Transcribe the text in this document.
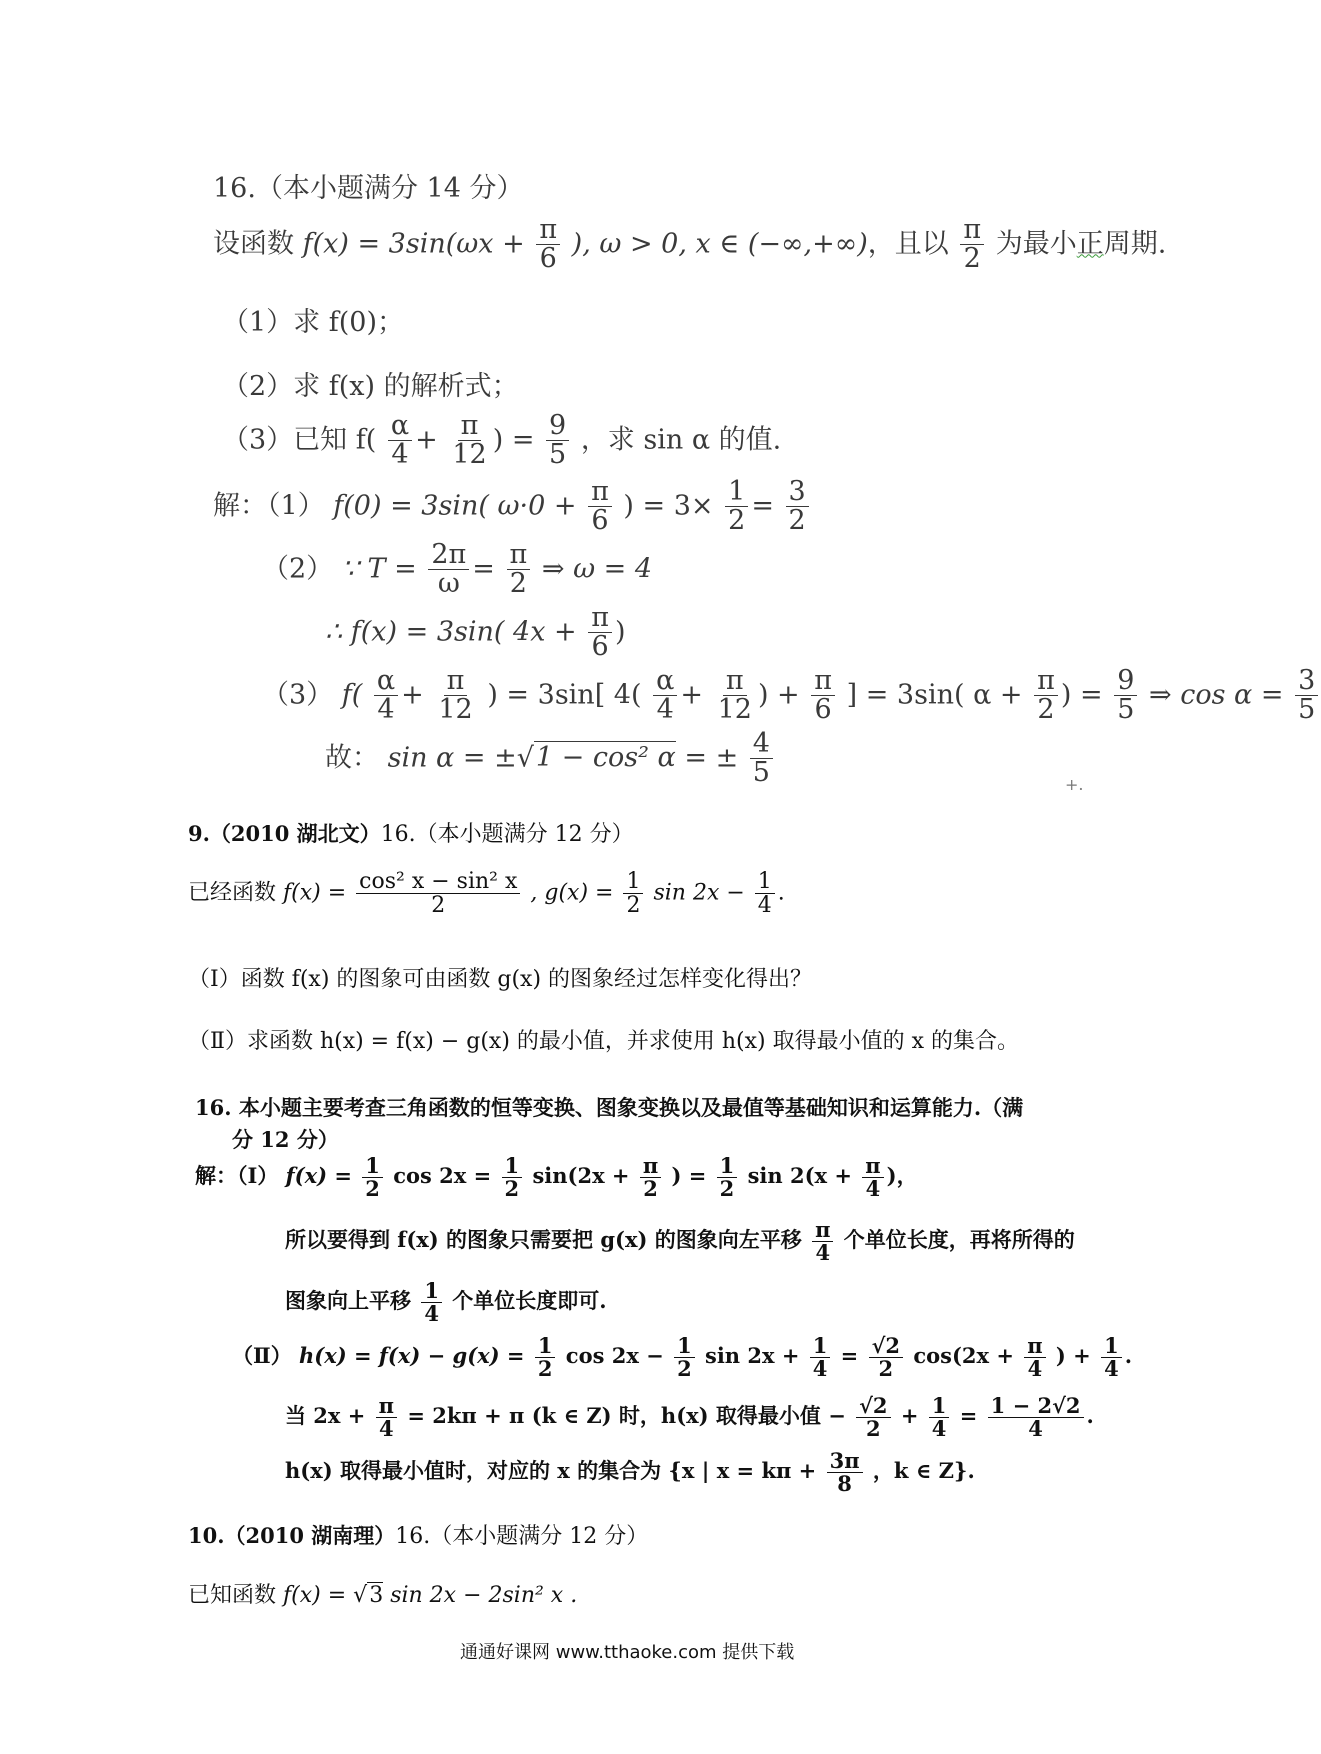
16.（本小题满分 14 分）
设函数 $f(x) = 3\sin(\omega x + \frac{\pi}{6}$ ), ω > 0, x ∈ (−∞,+∞)，且以 $\frac{\pi}{2}$ 为最小正周期.
（1）求 f(0)；
（2）求 f(x) 的解析式；
（3）已知 $f( \frac{\alpha}{4} + \frac{\pi}{12}$ ) = $\frac{9}{5}$ ，求 sin α 的值.
解：（1） f(0) = 3sin( $\omega\cdot 0 + \frac{\pi}{6}$ ) = $3\times \frac{1}{2} = \frac{3}{2}$
（2） ∵ $T = \frac{2\pi}{\omega} = \frac{\pi}{2}$ ⇒ ω = 4
∴ f(x) = 3sin( $4x + \frac{\pi}{6}$ )
（3） $f( \frac{\alpha}{4} + \frac{\pi}{12}$ ) = 3sin[ $4( \frac{\alpha}{4} + \frac{\pi}{12}$ ) + $\frac{\pi}{6}$ ] = 3sin( $\alpha + \frac{\pi}{2}$ ) = $\frac{9}{5}$ ⇒ $\cos \alpha = \frac{3}{5}$
故： sin α = ±√1 − cos² α = ± $\frac{4}{5}$	+.
9.（2010 湖北文）16.（本小题满分 12 分）
已经函数 $f(x) = \frac{\text{cos² x − sin² x}}{2}$ , $g(x) = \frac{1}{2}$ $\sin 2x - \frac{1}{4}$ .
（Ⅰ）函数 f(x) 的图象可由函数 g(x) 的图象经过怎样变化得出？
（Ⅱ）求函数 h(x) = f(x) − g(x) 的最小值，并求使用 h(x) 取得最小值的 x 的集合。
16. 本小题主要考查三角函数的恒等变换、图象变换以及最值等基础知识和运算能力.（满
分 12 分）
解：（Ⅰ） $f(x) = \frac{1}{2}$ $\cos 2x = \frac{1}{2} \sin(2x + \frac{\pi}{2}$ ) = $\frac{1}{2}$ $\sin 2(x + \frac{\pi}{4}$ )，
所以要得到 f(x) 的图象只需要把 g(x) 的图象向左平移 $\frac{\pi}{4}$ 个单位长度，再将所得的
图象向上平移 $\frac{1}{4}$ 个单位长度即可.
（Ⅱ） $h(x) = f(x) - g(x) = \frac{1}{2}$ $\cos 2x - \frac{1}{2}$ $\sin 2x + \frac{1}{4} = \frac{√2}{2} \cos(2x + \frac{\pi}{4}$ ) + $\frac{1}{4}$ .
当 $2x + \frac{\pi}{4} = 2k\pi + \pi$ (k ∈ Z) 时，h(x) 取得最小值 − $\frac{√2}{2} + \frac{1}{4} = \frac{1 - 2√2}{4}$ .
h(x) 取得最小值时，对应的 x 的集合为 {x | $x = k\pi + \frac{3\pi}{8}$ ，k ∈ Z}.
10.（2010 湖南理）16.（本小题满分 12 分）
已知函数 f(x) = √3 sin 2x − 2sin² x .
通通好课网 www.tthaoke.com 提供下载
